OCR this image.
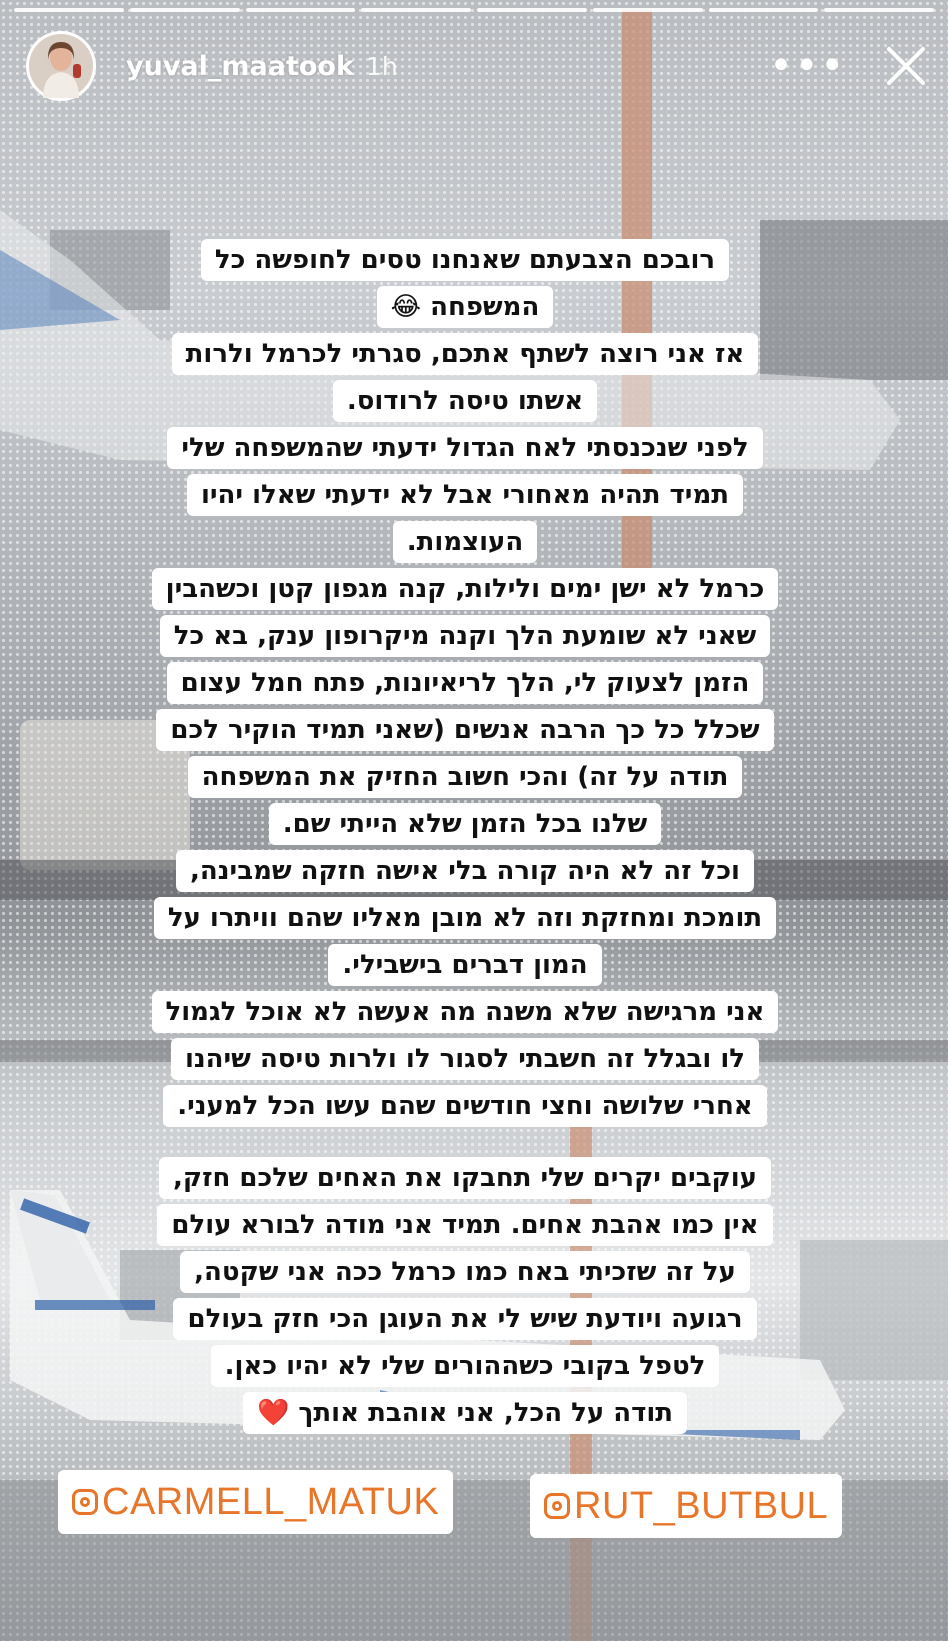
yuval_maatook 1h	•••

רובכם הצבעתם שאנחנו טסים לחופשה כל

המשפחה 😂

אז אני רוצה לשתף אתכם, סגרתי לכרמל ולרות

אשתו טיסה לרודוס.

לפני שנכנסתי לאח הגדול ידעתי שהמשפחה שלי

תמיד תהיה מאחורי אבל לא ידעתי שאלו יהיו

העוצמות.

כרמל לא ישן ימים ולילות, קנה מגפון קטן וכשהבין

שאני לא שומעת הלך וקנה מיקרופון ענק, בא כל

הזמן לצעוק לי, הלך לריאיונות, פתח חמל עצום

שכלל כל כך הרבה אנשים (שאני תמיד הוקיר לכם

תודה על זה) והכי חשוב החזיק את המשפחה

שלנו בכל הזמן שלא הייתי שם.

וכל זה לא היה קורה בלי אישה חזקה שמבינה,

תומכת ומחזקת וזה לא מובן מאליו שהם וויתרו על

המון דברים בישבילי.

אני מרגישה שלא משנה מה אעשה לא אוכל לגמול

לו ובגלל זה חשבתי לסגור לו ולרות טיסה שיהנו

אחרי שלושה וחצי חודשים שהם עשו הכל למעני.

עוקבים יקרים שלי תחבקו את האחים שלכם חזק,

אין כמו אהבת אחים. תמיד אני מודה לבורא עולם

על זה שזכיתי באח כמו כרמל ככה אני שקטה,

רגועה ויודעת שיש לי את העוגן הכי חזק בעולם

לטפל בקובי כשההורים שלי לא יהיו כאן.

תודה על הכל, אני אוהבת אותך ❤️

CARMELL_MATUK	RUT_BUTBUL
